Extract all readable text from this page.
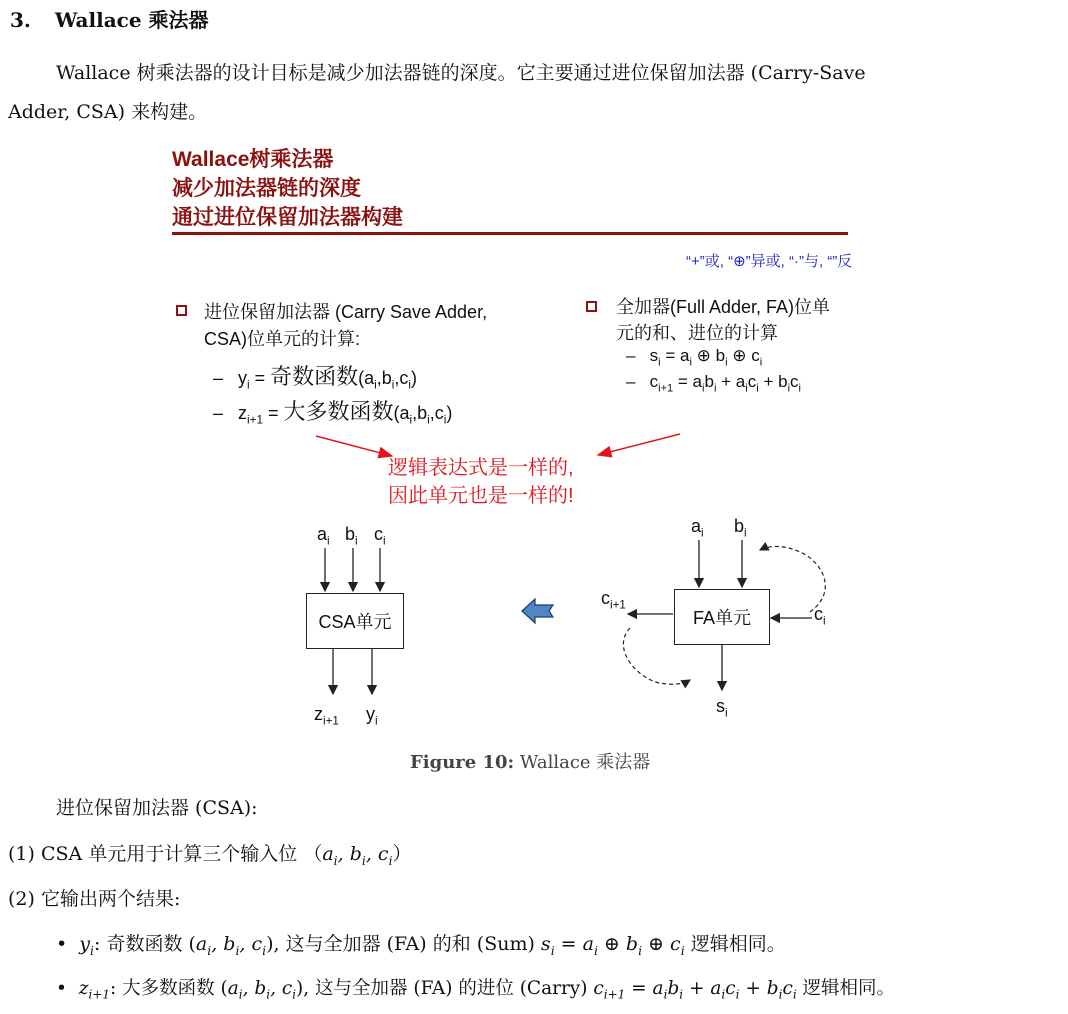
3. Wallace 乘法器
Wallace 树乘法器的设计目标是减少加法器链的深度。它主要通过进位保留加法器 (Carry-Save
Adder, CSA) 来构建。
Wallace树乘法器
减少加法器链的深度
通过进位保留加法器构建
“+”或, “⊕”异或, “·”与, “”反
进位保留加法器 (Carry Save Adder,
CSA)位单元的计算:
–   $y_i$ = 奇数函数$(a_i,b_i,c_i)$
–   $z_{i+1}$ = 大多数函数$(a_i,b_i,c_i)$
全加器(Full Adder, FA)位单
元的和、进位的计算
–   $s_i = a_i$ ⊕ $b_i$ ⊕ $c_i$
–   $c_{i+1} = a_ib_i + a_ic_i + b_ic_i$
逻辑表达式是一样的,
因此单元也是一样的!
$a_i$ $b_i$ $c_i$
CSA单元
$z_{i+1}$ $y_i$
$a_i$ $b_i$
FA单元	$c_i$
$c_{i+1}$
$s_i$
Figure 10: Wallace 乘法器
进位保留加法器 (CSA):
(1) CSA 单元用于计算三个输入位 （$a_i$, $b_i$, $c_i$）
(2) 它输出两个结果:
•  $y_i$: 奇数函数 ($a_i$, $b_i$, $c_i$), 这与全加器 (FA) 的和 (Sum) $s_i = a_i$ ⊕ $b_i$ ⊕ $c_i$ 逻辑相同。
•  $z_{i+1}$: 大多数函数 ($a_i$, $b_i$, $c_i$), 这与全加器 (FA) 的进位 (Carry) $c_{i+1} = a_ib_i + a_ic_i + b_ic_i$ 逻辑相同。
